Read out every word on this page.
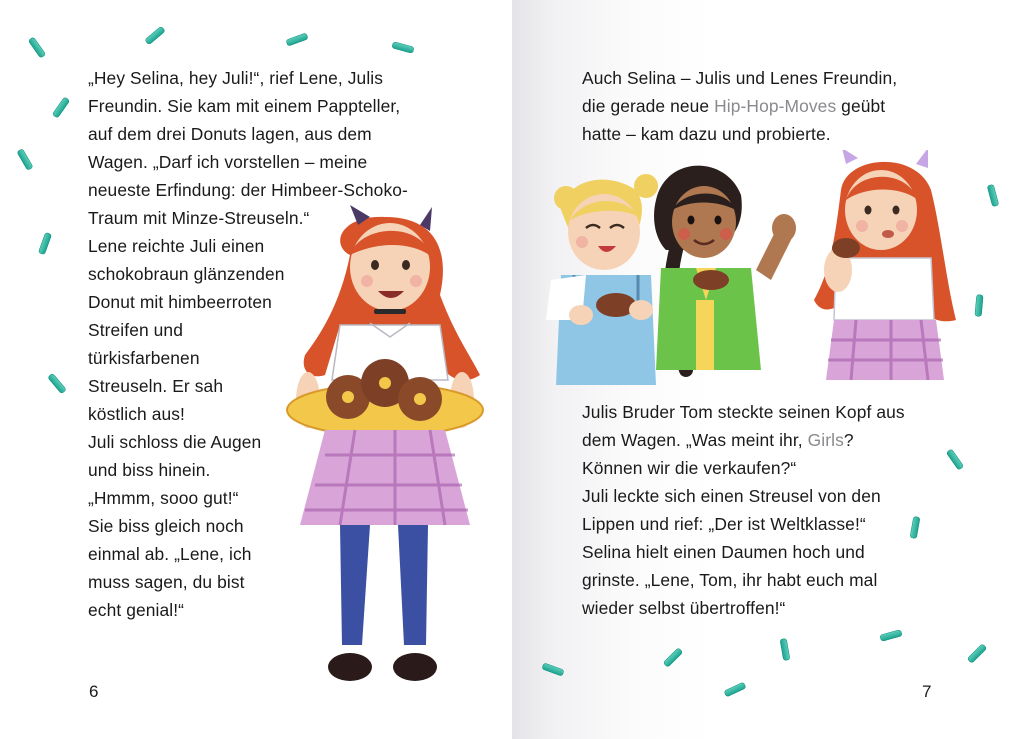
„Hey Selina, hey Juli!“, rief Lene, Julis
Freundin. Sie kam mit einem Pappteller,
auf dem drei Donuts lagen, aus dem
Wagen. „Darf ich vorstellen – meine
neueste Erfindung: der Himbeer-Schoko-
Traum mit Minze-Streuseln.“
Lene reichte Juli einen
schokobraun glänzenden
Donut mit himbeerroten
Streifen und
türkisfarbenen
Streuseln. Er sah
köstlich aus!
Juli schloss die Augen
und biss hinein.
„Hmmm, sooo gut!“
Sie biss gleich noch
einmal ab. „Lene, ich
muss sagen, du bist
echt genial!“
6
Auch Selina – Julis und Lenes Freundin,
die gerade neue Hip-Hop-Moves geübt
hatte – kam dazu und probierte.
Julis Bruder Tom steckte seinen Kopf aus
dem Wagen. „Was meint ihr, Girls?
Können wir die verkaufen?“
Juli leckte sich einen Streusel von den
Lippen und rief: „Der ist Weltklasse!“
Selina hielt einen Daumen hoch und
grinste. „Lene, Tom, ihr habt euch mal
wieder selbst übertroffen!“
7
